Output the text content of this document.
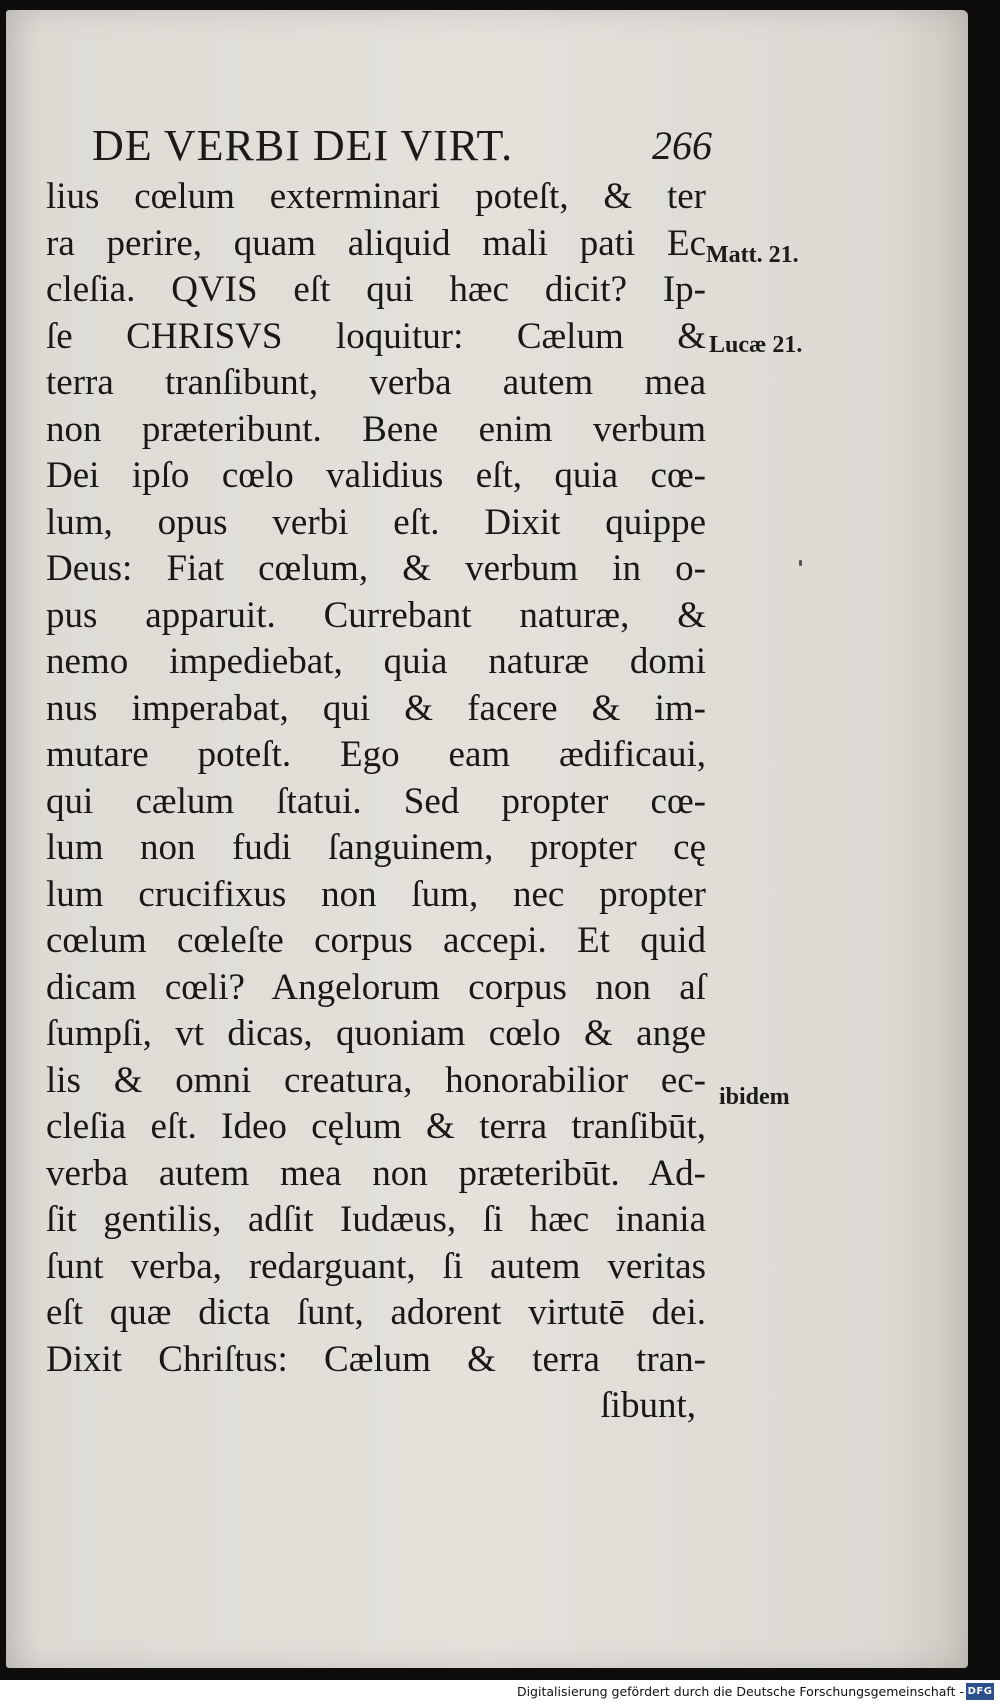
DE VERBI DEI VIRT.	266
lius cœlum exterminari poteſt, & ter
ra perire, quam aliquid mali pati Ec
cleſia. QVIS eſt qui hæc dicit? Ip-
ſe CHRISVS loquitur: Cælum &
terra tranſibunt, verba autem mea
non præteribunt. Bene enim verbum
Dei ipſo cœlo validius eſt, quia cœ-
lum, opus verbi eſt. Dixit quippe
Deus: Fiat cœlum, & verbum in o-
pus apparuit. Currebant naturæ, &
nemo impediebat, quia naturæ domi
nus imperabat, qui & facere & im-
mutare poteſt. Ego eam ædificaui,
qui cælum ſtatui. Sed propter cœ-
lum non fudi ſanguinem, propter cę
lum crucifixus non ſum, nec propter
cœlum cœleſte corpus accepi. Et quid
dicam cœli? Angelorum corpus non aſ
ſumpſi, vt dicas, quoniam cœlo & ange
lis & omni creatura, honorabilior ec-
cleſia eſt. Ideo cęlum & terra tranſibūt,
verba autem mea non præteribūt. Ad-
ſit gentilis, adſit Iudæus, ſi hæc inania
ſunt verba, redarguant, ſi autem veritas
eſt quæ dicta ſunt, adorent virtutē dei.
Dixit Chriſtus: Cælum & terra tran-
ſibunt,
Matt. 21.
Lucæ 21.
ibidem
Digitalisierung gefördert durch die Deutsche Forschungsgemeinschaft - DFG
